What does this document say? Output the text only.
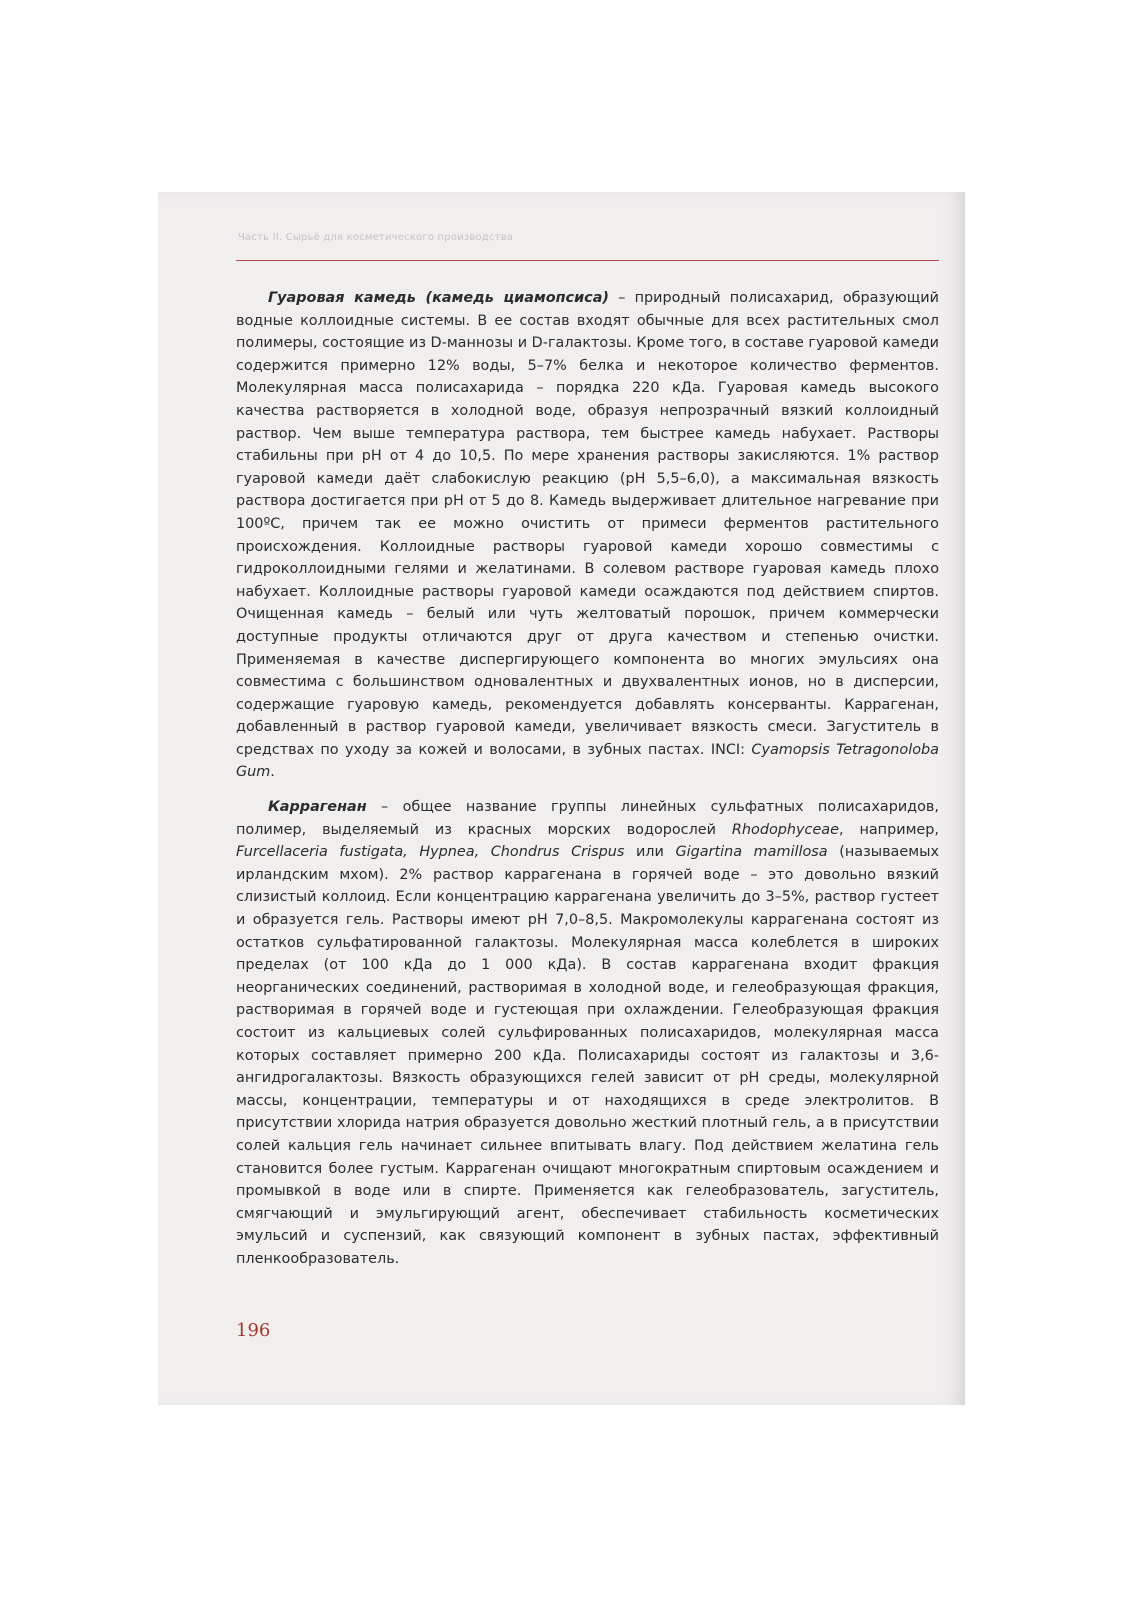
Часть II. Сырьё для косметического производства

Гуаровая камедь (камедь циамопсиса) – природный полисахарид, образующий водные коллоидные системы. В ее состав входят обычные для всех растительных смол полимеры, состоящие из D-маннозы и D-галактозы. Кроме того, в составе гуаровой камеди содержится примерно 12% воды, 5–7% белка и некоторое количество ферментов. Молекулярная масса полисахарида – порядка 220 кДа. Гуаровая камедь высокого качества растворяется в холодной воде, образуя непрозрачный вязкий коллоидный раствор. Чем выше температура раствора, тем быстрее камедь набухает. Растворы стабильны при pH от 4 до 10,5. По мере хранения растворы закисляются. 1% раствор гуаровой камеди даёт слабокислую реакцию (pH 5,5–6,0), а максимальная вязкость раствора достигается при pH от 5 до 8. Камедь выдерживает длительное нагревание при 100ºС, причем так ее можно очистить от примеси ферментов растительного происхождения. Коллоидные растворы гуаровой камеди хорошо совместимы с гидроколлоидными гелями и желатинами. В солевом растворе гуаровая камедь плохо набухает. Коллоидные растворы гуаровой камеди осаждаются под действием спиртов. Очищенная камедь – белый или чуть желтоватый порошок, причем коммерчески доступные продукты отличаются друг от друга качеством и степенью очистки. Применяемая в качестве диспергирующего компонента во многих эмульсиях она совместима с большинством одновалентных и двухвалентных ионов, но в дисперсии, содержащие гуаровую камедь, рекомендуется добавлять консерванты. Каррагенан, добавленный в раствор гуаровой камеди, увеличивает вязкость смеси. Загуститель в средствах по уходу за кожей и волосами, в зубных пастах. INCI: Cyamopsis Tetragonoloba Gum.

Каррагенан – общее название группы линейных сульфатных полисахаридов, полимер, выделяемый из красных морских водорослей Rhodophyceae, например, Furcellaceria fustigata, Hypnea, Chondrus Crispus или Gigartina mamillosa (называемых ирландским мхом). 2% раствор каррагенана в горячей воде – это довольно вязкий слизистый коллоид. Если концентрацию каррагенана увеличить до 3–5%, раствор густеет и образуется гель. Растворы имеют pH 7,0–8,5. Макромолекулы каррагенана состоят из остатков сульфатированной галактозы. Молекулярная масса колеблется в широких пределах (от 100 кДа до 1 000 кДа). В состав каррагенана входит фракция неорганических соединений, растворимая в холодной воде, и гелеобразующая фракция, растворимая в горячей воде и густеющая при охлаждении. Гелеобразующая фракция состоит из кальциевых солей сульфированных полисахаридов, молекулярная масса которых составляет примерно 200 кДа. Полисахариды состоят из галактозы и 3,6-ангидрогалактозы. Вязкость образующихся гелей зависит от pH среды, молекулярной массы, концентрации, температуры и от находящихся в среде электролитов. В присутствии хлорида натрия образуется довольно жесткий плотный гель, а в присутствии солей кальция гель начинает сильнее впитывать влагу. Под действием желатина гель становится более густым. Каррагенан очищают многократным спиртовым осаждением и промывкой в воде или в спирте. Применяется как гелеобразователь, загуститель, смягчающий и эмульгирующий агент, обеспечивает стабильность косметических эмульсий и суспензий, как связующий компонент в зубных пастах, эффективный пленкообразователь.

196
